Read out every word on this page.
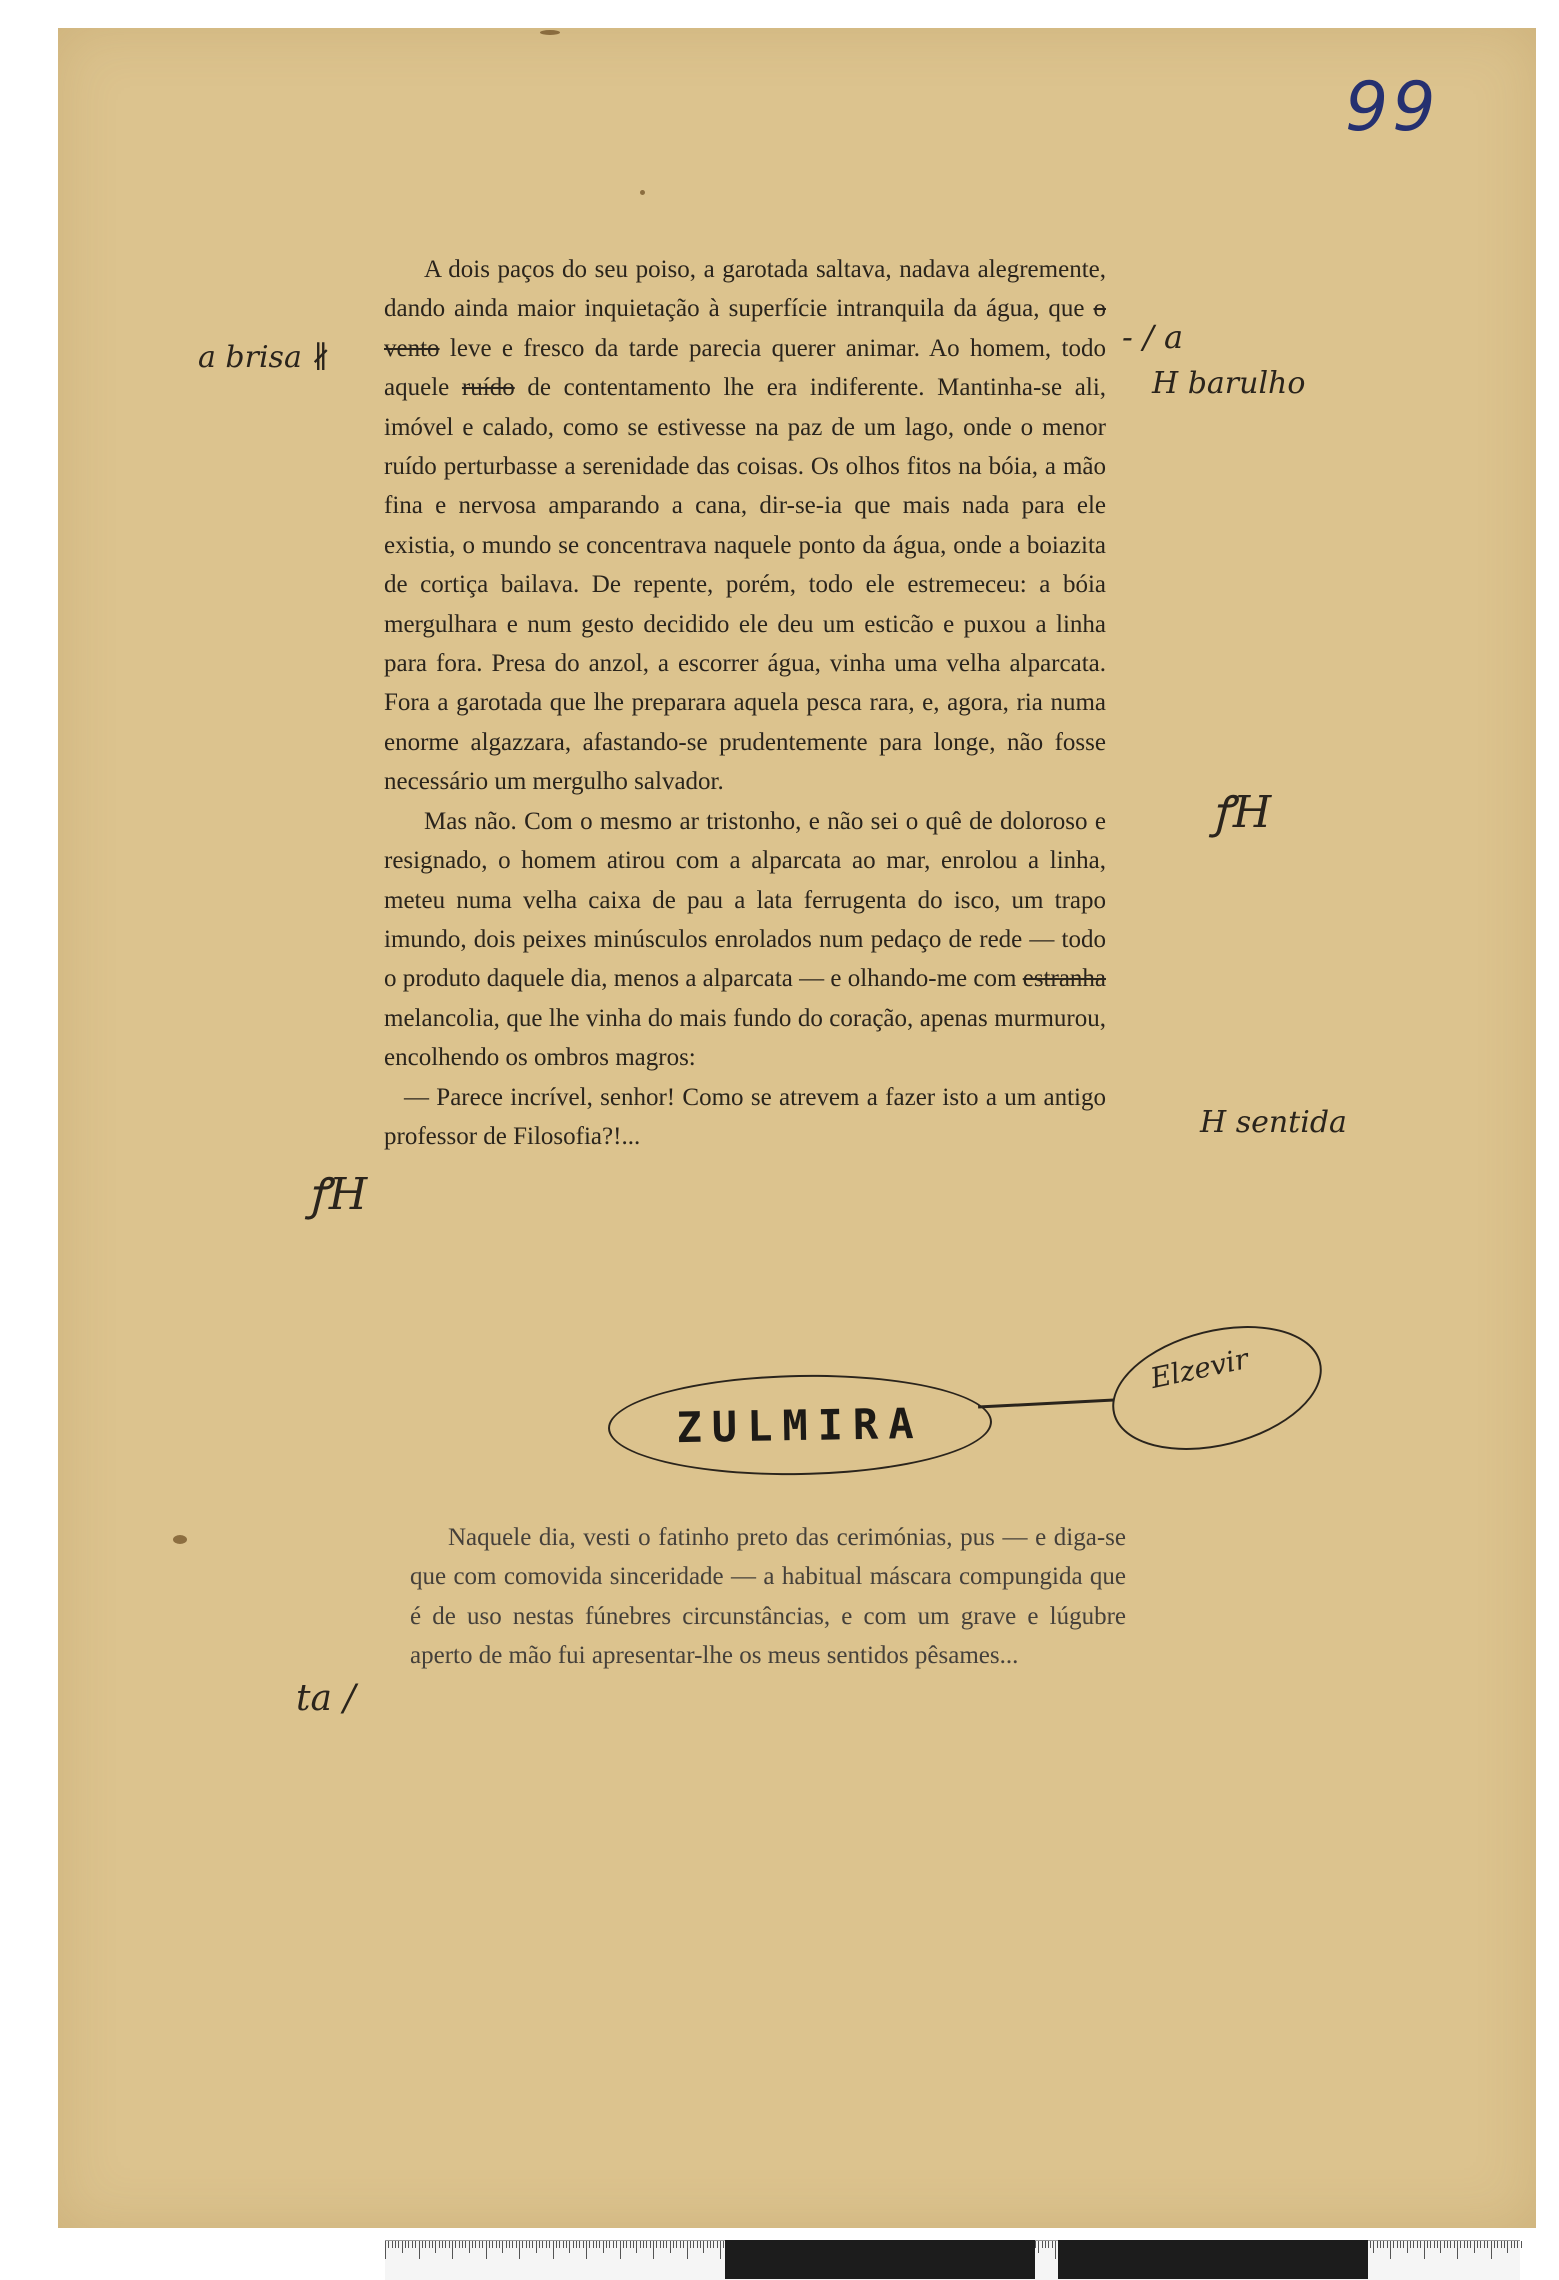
99

A dois paços do seu poiso, a garotada saltava, nadava alegremente, dando ainda maior inquietação à superfície intranquila da água, que o vento leve e fresco da tarde parecia querer animar. Ao homem, todo aquele ruído de contentamento lhe era indiferente. Mantinha-se ali, imóvel e calado, como se estivesse na paz de um lago, onde o menor ruído perturbasse a serenidade das coisas. Os olhos fitos na bóia, a mão fina e nervosa amparando a cana, dir-se-ia que mais nada para ele existia, o mundo se concentrava naquele ponto da água, onde a boiazita de cortiça bailava. De repente, porém, todo ele estremeceu: a bóia mergulhara e num gesto decidido ele deu um esticão e puxou a linha para fora. Presa do anzol, a escorrer água, vinha uma velha alparcata. Fora a garotada que lhe preparara aquela pesca rara, e, agora, ria numa enorme algazzara, afastando-se prudentemente para longe, não fosse necessário um mergulho salvador.

Mas não. Com o mesmo ar tristonho, e não sei o quê de doloroso e resignado, o homem atirou com a alparcata ao mar, enrolou a linha, meteu numa velha caixa de pau a lata ferrugenta do isco, um trapo imundo, dois peixes minúsculos enrolados num pedaço de rede — todo o produto daquele dia, menos a alparcata — e olhando-me com estranha melancolia, que lhe vinha do mais fundo do coração, apenas murmurou, encolhendo os ombros magros:

— Parece incrível, senhor! Como se atrevem a fazer isto a um antigo professor de Filosofia?!...

ZULMIRA
Elzevir

Naquele dia, vesti o fatinho preto das cerimónias, pus — e diga-se que com comovida sinceridade — a habitual máscara compungida que é de uso nestas fúnebres circunstâncias, e com um grave e lúgubre aperto de mão fui apresentar-lhe os meus sentidos pêsames...

a brisa ∦
- / a
H barulho
ꝭH
H sentida
ꝭH
ta /
